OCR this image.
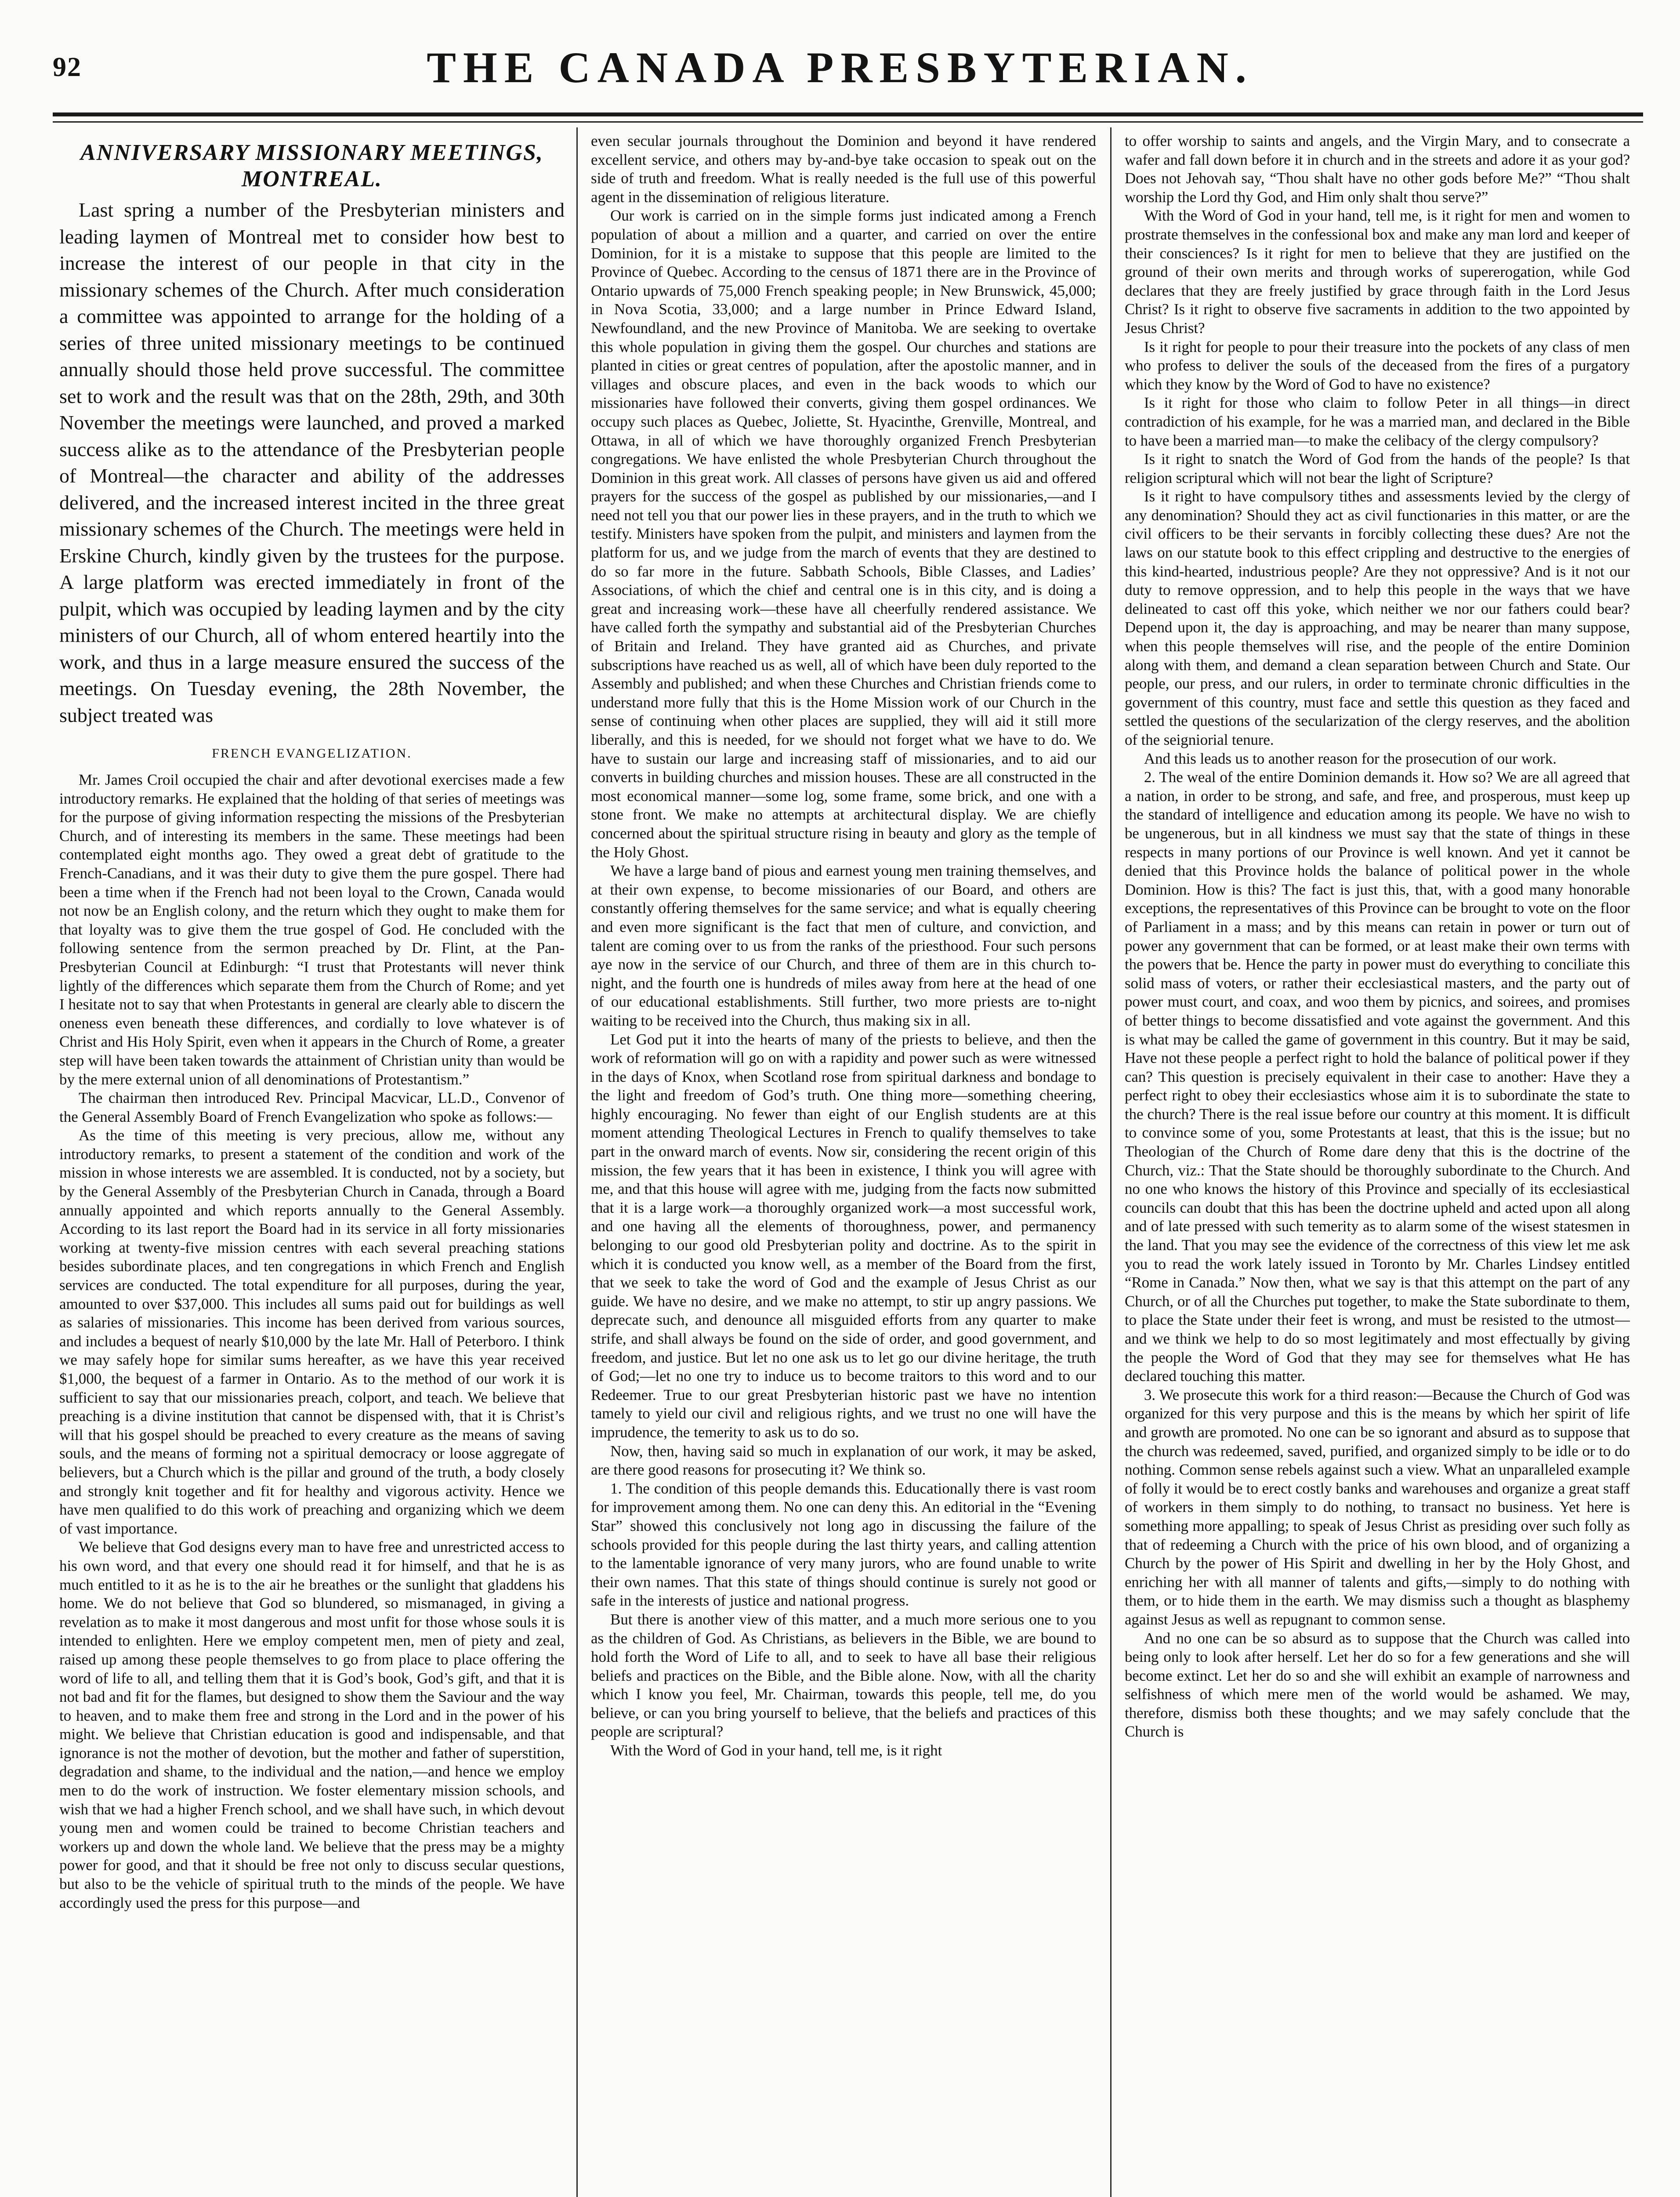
92	THE CANADA PRESBYTERIAN.
ANNIVERSARY MISSIONARY MEETINGS,
MONTREAL.

Last spring a number of the Presbyterian ministers and leading laymen of Montreal met to consider how best to increase the interest of our people in that city in the missionary schemes of the Church. After much consideration a committee was appointed to arrange for the holding of a series of three united missionary meetings to be continued annually should those held prove successful. The committee set to work and the result was that on the 28th, 29th, and 30th November the meetings were launched, and proved a marked success alike as to the attendance of the Presbyterian people of Montreal—the character and ability of the addresses delivered, and the increased interest incited in the three great missionary schemes of the Church. The meetings were held in Erskine Church, kindly given by the trustees for the purpose. A large platform was erected immediately in front of the pulpit, which was occupied by leading laymen and by the city ministers of our Church, all of whom entered heartily into the work, and thus in a large measure ensured the success of the meetings. On Tuesday evening, the 28th November, the subject treated was

FRENCH EVANGELIZATION.

Mr. James Croil occupied the chair and after devotional exercises made a few introductory remarks. He explained that the holding of that series of meetings was for the purpose of giving information respecting the missions of the Presbyterian Church, and of interesting its members in the same. These meetings had been contemplated eight months ago. They owed a great debt of gratitude to the French-Canadians, and it was their duty to give them the pure gospel. There had been a time when if the French had not been loyal to the Crown, Canada would not now be an English colony, and the return which they ought to make them for that loyalty was to give them the true gospel of God. He concluded with the following sentence from the sermon preached by Dr. Flint, at the Pan-Presbyterian Council at Edinburgh: “I trust that Protestants will never think lightly of the differences which separate them from the Church of Rome; and yet I hesitate not to say that when Protestants in general are clearly able to discern the oneness even beneath these differences, and cordially to love whatever is of Christ and His Holy Spirit, even when it appears in the Church of Rome, a greater step will have been taken towards the attainment of Christian unity than would be by the mere external union of all denominations of Protestantism.”

The chairman then introduced Rev. Principal Macvicar, LL.D., Convenor of the General Assembly Board of French Evangelization who spoke as follows:—

As the time of this meeting is very precious, allow me, without any introductory remarks, to present a statement of the condition and work of the mission in whose interests we are assembled. It is conducted, not by a society, but by the General Assembly of the Presbyterian Church in Canada, through a Board annually appointed and which reports annually to the General Assembly. According to its last report the Board had in its service in all forty missionaries working at twenty-five mission centres with each several preaching stations besides subordinate places, and ten congregations in which French and English services are conducted. The total expenditure for all purposes, during the year, amounted to over $37,000. This includes all sums paid out for buildings as well as salaries of missionaries. This income has been derived from various sources, and includes a bequest of nearly $10,000 by the late Mr. Hall of Peterboro. I think we may safely hope for similar sums hereafter, as we have this year received $1,000, the bequest of a farmer in Ontario. As to the method of our work it is sufficient to say that our missionaries preach, colport, and teach. We believe that preaching is a divine institution that cannot be dispensed with, that it is Christ’s will that his gospel should be preached to every creature as the means of saving souls, and the means of forming not a spiritual democracy or loose aggregate of believers, but a Church which is the pillar and ground of the truth, a body closely and strongly knit together and fit for healthy and vigorous activity. Hence we have men qualified to do this work of preaching and organizing which we deem of vast importance.

We believe that God designs every man to have free and unrestricted access to his own word, and that every one should read it for himself, and that he is as much entitled to it as he is to the air he breathes or the sunlight that gladdens his home. We do not believe that God so blundered, so mismanaged, in giving a revelation as to make it most dangerous and most unfit for those whose souls it is intended to enlighten. Here we employ competent men, men of piety and zeal, raised up among these people themselves to go from place to place offering the word of life to all, and telling them that it is God’s book, God’s gift, and that it is not bad and fit for the flames, but designed to show them the Saviour and the way to heaven, and to make them free and strong in the Lord and in the power of his might. We believe that Christian education is good and indispensable, and that ignorance is not the mother of devotion, but the mother and father of superstition, degradation and shame, to the individual and the nation,—and hence we employ men to do the work of instruction. We foster elementary mission schools, and wish that we had a higher French school, and we shall have such, in which devout young men and women could be trained to become Christian teachers and workers up and down the whole land. We believe that the press may be a mighty power for good, and that it should be free not only to discuss secular questions, but also to be the vehicle of spiritual truth to the minds of the people. We have accordingly used the press for this purpose—and

even secular journals throughout the Dominion and beyond it have rendered excellent service, and others may by-and-bye take occasion to speak out on the side of truth and freedom. What is really needed is the full use of this powerful agent in the dissemination of religious literature.

Our work is carried on in the simple forms just indicated among a French population of about a million and a quarter, and carried on over the entire Dominion, for it is a mistake to suppose that this people are limited to the Province of Quebec. According to the census of 1871 there are in the Province of Ontario upwards of 75,000 French speaking people; in New Brunswick, 45,000; in Nova Scotia, 33,000; and a large number in Prince Edward Island, Newfoundland, and the new Province of Manitoba. We are seeking to overtake this whole population in giving them the gospel. Our churches and stations are planted in cities or great centres of population, after the apostolic manner, and in villages and obscure places, and even in the back woods to which our missionaries have followed their converts, giving them gospel ordinances. We occupy such places as Quebec, Joliette, St. Hyacinthe, Grenville, Montreal, and Ottawa, in all of which we have thoroughly organized French Presbyterian congregations. We have enlisted the whole Presbyterian Church throughout the Dominion in this great work. All classes of persons have given us aid and offered prayers for the success of the gospel as published by our missionaries,—and I need not tell you that our power lies in these prayers, and in the truth to which we testify. Ministers have spoken from the pulpit, and ministers and laymen from the platform for us, and we judge from the march of events that they are destined to do so far more in the future. Sabbath Schools, Bible Classes, and Ladies’ Associations, of which the chief and central one is in this city, and is doing a great and increasing work—these have all cheerfully rendered assistance. We have called forth the sympathy and substantial aid of the Presbyterian Churches of Britain and Ireland. They have granted aid as Churches, and private subscriptions have reached us as well, all of which have been duly reported to the Assembly and published; and when these Churches and Christian friends come to understand more fully that this is the Home Mission work of our Church in the sense of continuing when other places are supplied, they will aid it still more liberally, and this is needed, for we should not forget what we have to do. We have to sustain our large and increasing staff of missionaries, and to aid our converts in building churches and mission houses. These are all constructed in the most economical manner—some log, some frame, some brick, and one with a stone front. We make no attempts at architectural display. We are chiefly concerned about the spiritual structure rising in beauty and glory as the temple of the Holy Ghost.

We have a large band of pious and earnest young men training themselves, and at their own expense, to become missionaries of our Board, and others are constantly offering themselves for the same service; and what is equally cheering and even more significant is the fact that men of culture, and conviction, and talent are coming over to us from the ranks of the priesthood. Four such persons aye now in the service of our Church, and three of them are in this church to-night, and the fourth one is hundreds of miles away from here at the head of one of our educational establishments. Still further, two more priests are to-night waiting to be received into the Church, thus making six in all.

Let God put it into the hearts of many of the priests to believe, and then the work of reformation will go on with a rapidity and power such as were witnessed in the days of Knox, when Scotland rose from spiritual darkness and bondage to the light and freedom of God’s truth. One thing more—something cheering, highly encouraging. No fewer than eight of our English students are at this moment attending Theological Lectures in French to qualify themselves to take part in the onward march of events. Now sir, considering the recent origin of this mission, the few years that it has been in existence, I think you will agree with me, and that this house will agree with me, judging from the facts now submitted that it is a large work—a thoroughly organized work—a most successful work, and one having all the elements of thoroughness, power, and permanency belonging to our good old Presbyterian polity and doctrine. As to the spirit in which it is conducted you know well, as a member of the Board from the first, that we seek to take the word of God and the example of Jesus Christ as our guide. We have no desire, and we make no attempt, to stir up angry passions. We deprecate such, and denounce all misguided efforts from any quarter to make strife, and shall always be found on the side of order, and good government, and freedom, and justice. But let no one ask us to let go our divine heritage, the truth of God;—let no one try to induce us to become traitors to this word and to our Redeemer. True to our great Presbyterian historic past we have no intention tamely to yield our civil and religious rights, and we trust no one will have the imprudence, the temerity to ask us to do so.

Now, then, having said so much in explanation of our work, it may be asked, are there good reasons for prosecuting it? We think so.

1. The condition of this people demands this. Educationally there is vast room for improvement among them. No one can deny this. An editorial in the “Evening Star” showed this conclusively not long ago in discussing the failure of the schools provided for this people during the last thirty years, and calling attention to the lamentable ignorance of very many jurors, who are found unable to write their own names. That this state of things should continue is surely not good or safe in the interests of justice and national progress.

But there is another view of this matter, and a much more serious one to you as the children of God. As Christians, as believers in the Bible, we are bound to hold forth the Word of Life to all, and to seek to have all base their religious beliefs and practices on the Bible, and the Bible alone. Now, with all the charity which I know you feel, Mr. Chairman, towards this people, tell me, do you believe, or can you bring yourself to believe, that the beliefs and practices of this people are scriptural?

With the Word of God in your hand, tell me, is it right

to offer worship to saints and angels, and the Virgin Mary, and to consecrate a wafer and fall down before it in church and in the streets and adore it as your god? Does not Jehovah say, “Thou shalt have no other gods before Me?” “Thou shalt worship the Lord thy God, and Him only shalt thou serve?”

With the Word of God in your hand, tell me, is it right for men and women to prostrate themselves in the confessional box and make any man lord and keeper of their consciences? Is it right for men to believe that they are justified on the ground of their own merits and through works of supererogation, while God declares that they are freely justified by grace through faith in the Lord Jesus Christ? Is it right to observe five sacraments in addition to the two appointed by Jesus Christ?

Is it right for people to pour their treasure into the pockets of any class of men who profess to deliver the souls of the deceased from the fires of a purgatory which they know by the Word of God to have no existence?

Is it right for those who claim to follow Peter in all things—in direct contradiction of his example, for he was a married man, and declared in the Bible to have been a married man—to make the celibacy of the clergy compulsory?

Is it right to snatch the Word of God from the hands of the people? Is that religion scriptural which will not bear the light of Scripture?

Is it right to have compulsory tithes and assessments levied by the clergy of any denomination? Should they act as civil functionaries in this matter, or are the civil officers to be their servants in forcibly collecting these dues? Are not the laws on our statute book to this effect crippling and destructive to the energies of this kind-hearted, industrious people? Are they not oppressive? And is it not our duty to remove oppression, and to help this people in the ways that we have delineated to cast off this yoke, which neither we nor our fathers could bear? Depend upon it, the day is approaching, and may be nearer than many suppose, when this people themselves will rise, and the people of the entire Dominion along with them, and demand a clean separation between Church and State. Our people, our press, and our rulers, in order to terminate chronic difficulties in the government of this country, must face and settle this question as they faced and settled the questions of the secularization of the clergy reserves, and the abolition of the seigniorial tenure.

And this leads us to another reason for the prosecution of our work.

2. The weal of the entire Dominion demands it. How so? We are all agreed that a nation, in order to be strong, and safe, and free, and prosperous, must keep up the standard of intelligence and education among its people. We have no wish to be ungenerous, but in all kindness we must say that the state of things in these respects in many portions of our Province is well known. And yet it cannot be denied that this Province holds the balance of political power in the whole Dominion. How is this? The fact is just this, that, with a good many honorable exceptions, the representatives of this Province can be brought to vote on the floor of Parliament in a mass; and by this means can retain in power or turn out of power any government that can be formed, or at least make their own terms with the powers that be. Hence the party in power must do everything to conciliate this solid mass of voters, or rather their ecclesiastical masters, and the party out of power must court, and coax, and woo them by picnics, and soirees, and promises of better things to become dissatisfied and vote against the government. And this is what may be called the game of government in this country. But it may be said, Have not these people a perfect right to hold the balance of political power if they can? This question is precisely equivalent in their case to another: Have they a perfect right to obey their ecclesiastics whose aim it is to subordinate the state to the church? There is the real issue before our country at this moment. It is difficult to convince some of you, some Protestants at least, that this is the issue; but no Theologian of the Church of Rome dare deny that this is the doctrine of the Church, viz.: That the State should be thoroughly subordinate to the Church. And no one who knows the history of this Province and specially of its ecclesiastical councils can doubt that this has been the doctrine upheld and acted upon all along and of late pressed with such temerity as to alarm some of the wisest statesmen in the land. That you may see the evidence of the correctness of this view let me ask you to read the work lately issued in Toronto by Mr. Charles Lindsey entitled “Rome in Canada.” Now then, what we say is that this attempt on the part of any Church, or of all the Churches put together, to make the State subordinate to them, to place the State under their feet is wrong, and must be resisted to the utmost—and we think we help to do so most legitimately and most effectually by giving the people the Word of God that they may see for themselves what He has declared touching this matter.

3. We prosecute this work for a third reason:—Because the Church of God was organized for this very purpose and this is the means by which her spirit of life and growth are promoted. No one can be so ignorant and absurd as to suppose that the church was redeemed, saved, purified, and organized simply to be idle or to do nothing. Common sense rebels against such a view. What an unparalleled example of folly it would be to erect costly banks and warehouses and organize a great staff of workers in them simply to do nothing, to transact no business. Yet here is something more appalling; to speak of Jesus Christ as presiding over such folly as that of redeeming a Church with the price of his own blood, and of organizing a Church by the power of His Spirit and dwelling in her by the Holy Ghost, and enriching her with all manner of talents and gifts,—simply to do nothing with them, or to hide them in the earth. We may dismiss such a thought as blasphemy against Jesus as well as repugnant to common sense.

And no one can be so absurd as to suppose that the Church was called into being only to look after herself. Let her do so for a few generations and she will become extinct. Let her do so and she will exhibit an example of narrowness and selfishness of which mere men of the world would be ashamed. We may, therefore, dismiss both these thoughts; and we may safely conclude that the Church is
